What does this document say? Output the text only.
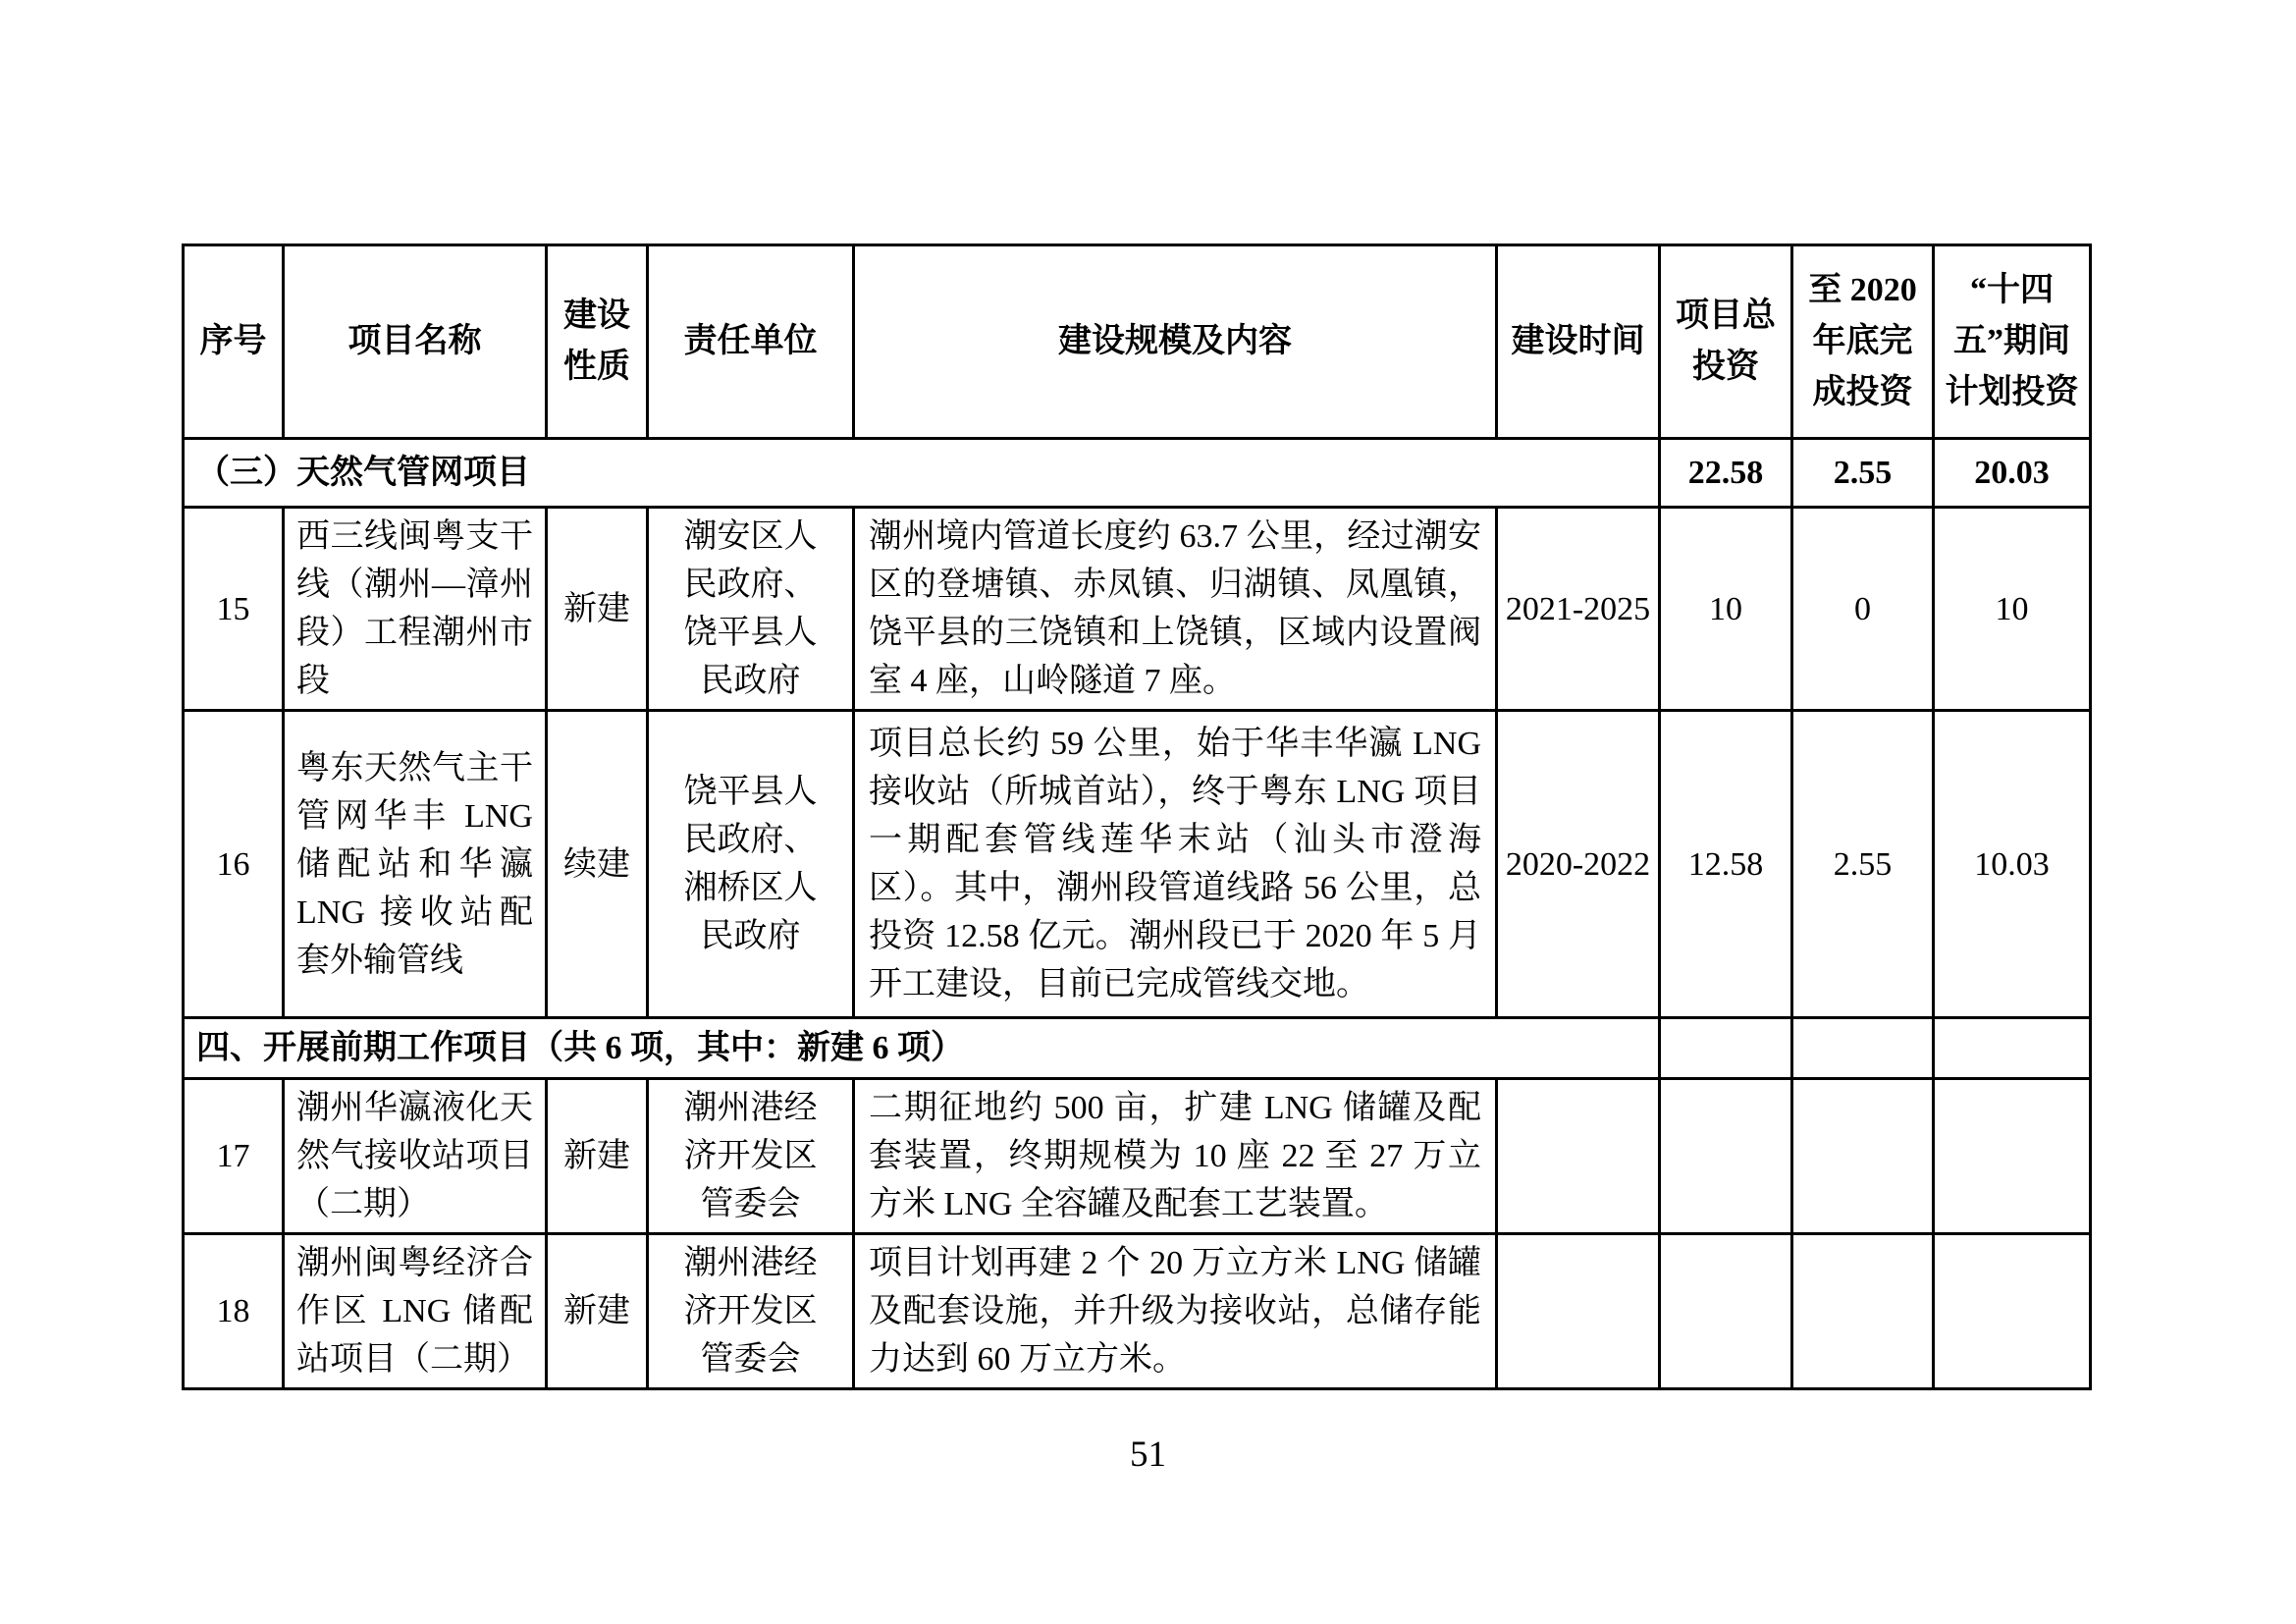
序号	项目名称	建设性质	责任单位	建设规模及内容	建设时间	项目总投资	至 2020 年底完成投资	“十四五”期间计划投资
（三）天然气管网项目						22.58	2.55	20.03
15	西三线闽粤支干线（潮州—漳州段）工程潮州市段	新建	潮安区人民政府、饶平县人民政府	潮州境内管道长度约 63.7 公里，经过潮安区的登塘镇、赤凤镇、归湖镇、凤凰镇，饶平县的三饶镇和上饶镇，区域内设置阀室 4 座，山岭隧道 7 座。	2021-2025	10	0	10
16	粤东天然气主干管网华丰 LNG 储配站和华瀛 LNG 接收站配套外输管线	续建	饶平县人民政府、湘桥区人民政府	项目总长约 59 公里，始于华丰华瀛 LNG 接收站（所城首站），终于粤东 LNG 项目一期配套管线莲华末站（汕头市澄海区）。其中，潮州段管道线路 56 公里，总投资 12.58 亿元。潮州段已于 2020 年 5 月开工建设，目前已完成管线交地。	2020-2022	12.58	2.55	10.03
四、开展前期工作项目（共 6 项，其中：新建 6 项）								
17	潮州华瀛液化天然气接收站项目（二期）	新建	潮州港经济开发区管委会	二期征地约 500 亩，扩建 LNG 储罐及配套装置，终期规模为 10 座 22 至 27 万立方米 LNG 全容罐及配套工艺装置。				
18	潮州闽粤经济合作区 LNG 储配站项目（二期）	新建	潮州港经济开发区管委会	项目计划再建 2 个 20 万立方米 LNG 储罐及配套设施，并升级为接收站，总储存能力达到 60 万立方米。				
51
